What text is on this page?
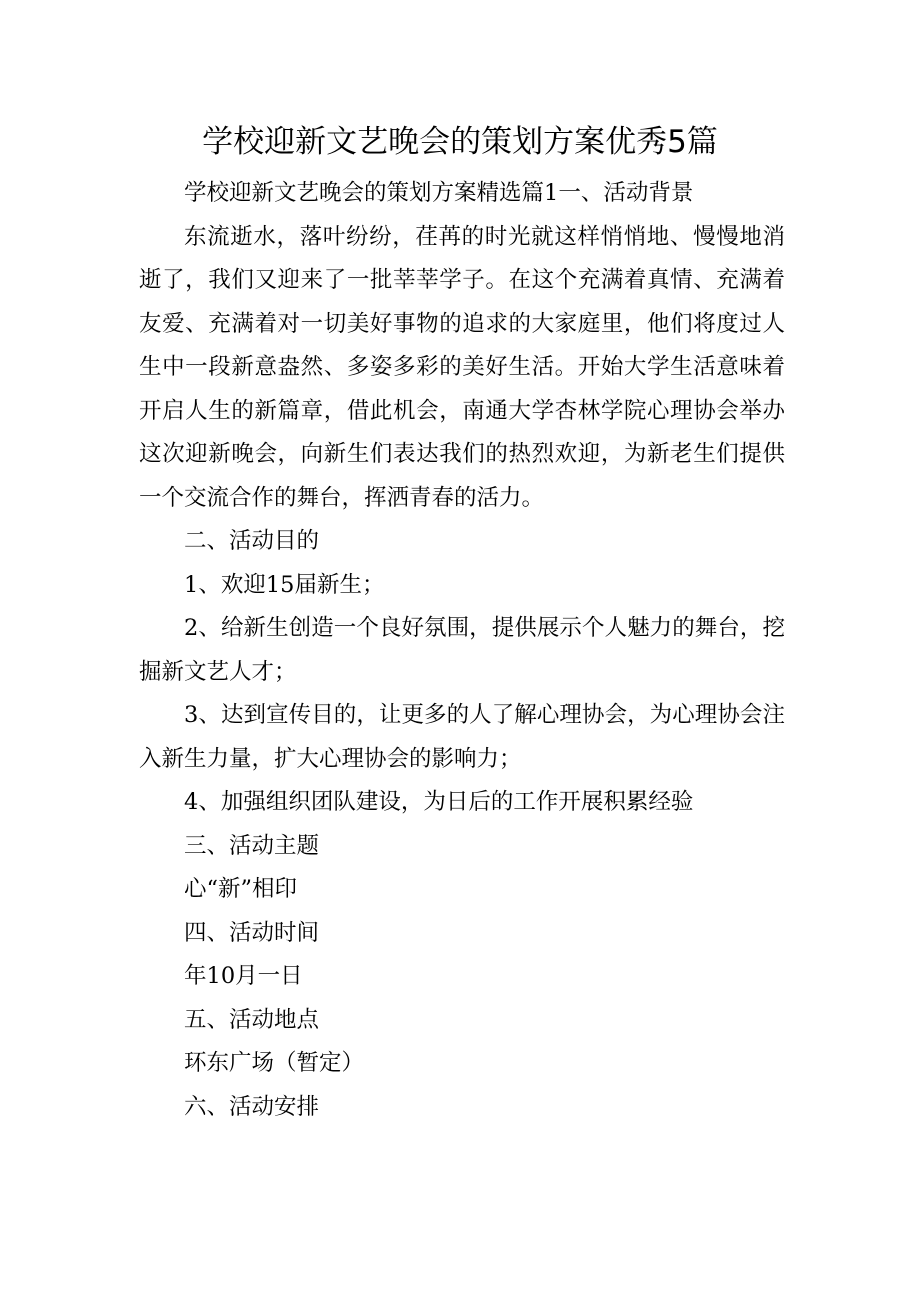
学校迎新文艺晚会的策划方案优秀5篇

学校迎新文艺晚会的策划方案精选篇1一、活动背景

东流逝水，落叶纷纷，荏苒的时光就这样悄悄地、慢慢地消逝了，我们又迎来了一批莘莘学子。在这个充满着真情、充满着友爱、充满着对一切美好事物的追求的大家庭里，他们将度过人生中一段新意盎然、多姿多彩的美好生活。开始大学生活意味着开启人生的新篇章，借此机会，南通大学杏林学院心理协会举办这次迎新晚会，向新生们表达我们的热烈欢迎，为新老生们提供一个交流合作的舞台，挥洒青春的活力。

二、活动目的

1、欢迎15届新生；

2、给新生创造一个良好氛围，提供展示个人魅力的舞台，挖掘新文艺人才；

3、达到宣传目的，让更多的人了解心理协会，为心理协会注入新生力量，扩大心理协会的影响力；

4、加强组织团队建设，为日后的工作开展积累经验

三、活动主题

心“新”相印

四、活动时间

年10月一日

五、活动地点

环东广场（暂定）

六、活动安排
